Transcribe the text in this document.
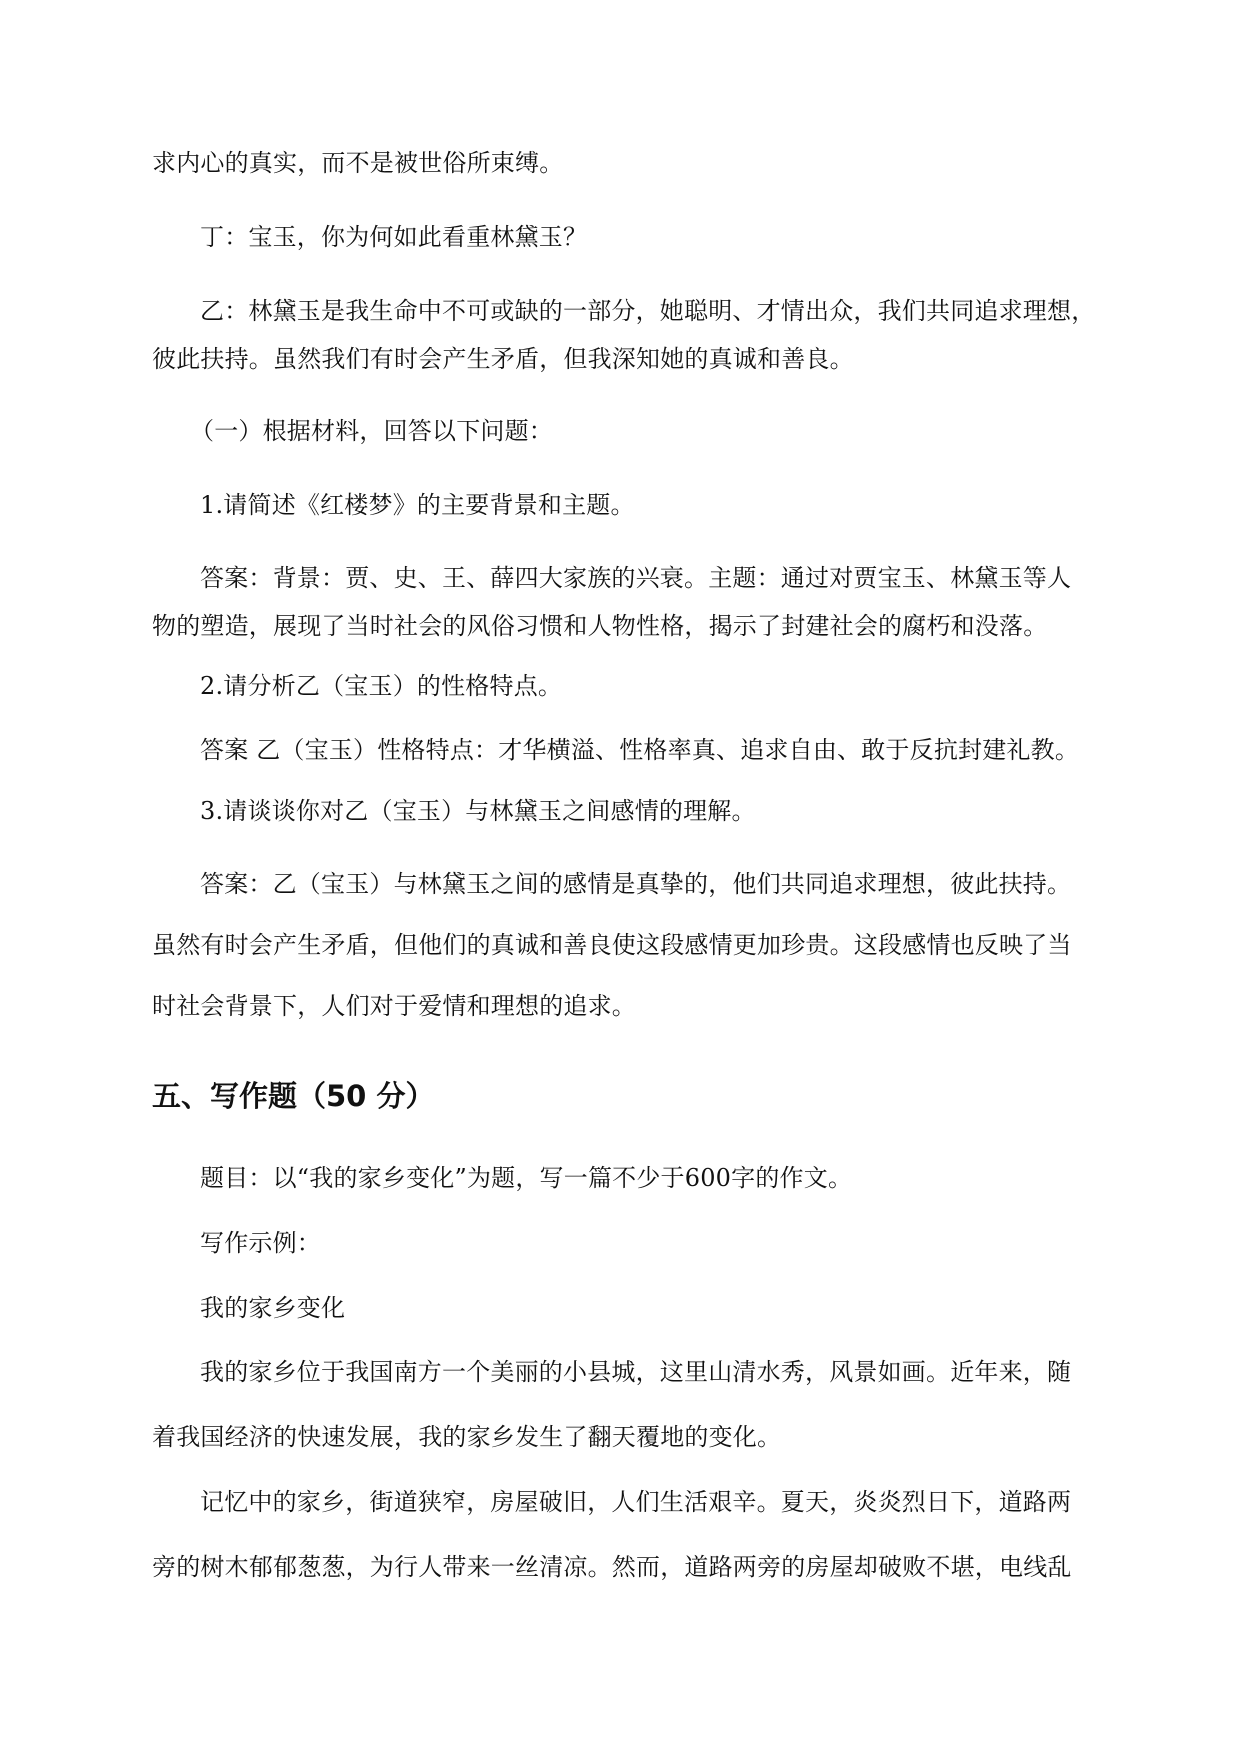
求内心的真实，而不是被世俗所束缚。
丁：宝玉，你为何如此看重林黛玉？
乙：林黛玉是我生命中不可或缺的一部分，她聪明、才情出众，我们共同追求理想，
彼此扶持。虽然我们有时会产生矛盾，但我深知她的真诚和善良。
（一）根据材料，回答以下问题：
1.请简述《红楼梦》的主要背景和主题。
答案：背景：贾、史、王、薛四大家族的兴衰。主题：通过对贾宝玉、林黛玉等人
物的塑造，展现了当时社会的风俗习惯和人物性格，揭示了封建社会的腐朽和没落。
2.请分析乙（宝玉）的性格特点。
答案 乙（宝玉）性格特点：才华横溢、性格率真、追求自由、敢于反抗封建礼教。
3.请谈谈你对乙（宝玉）与林黛玉之间感情的理解。
答案：乙（宝玉）与林黛玉之间的感情是真挚的，他们共同追求理想，彼此扶持。
虽然有时会产生矛盾，但他们的真诚和善良使这段感情更加珍贵。这段感情也反映了当
时社会背景下，人们对于爱情和理想的追求。
五、写作题（50 分）
题目：以“我的家乡变化”为题，写一篇不少于600字的作文。
写作示例：
我的家乡变化
我的家乡位于我国南方一个美丽的小县城，这里山清水秀，风景如画。近年来，随
着我国经济的快速发展，我的家乡发生了翻天覆地的变化。
记忆中的家乡，街道狭窄，房屋破旧，人们生活艰辛。夏天，炎炎烈日下，道路两
旁的树木郁郁葱葱，为行人带来一丝清凉。然而，道路两旁的房屋却破败不堪，电线乱
